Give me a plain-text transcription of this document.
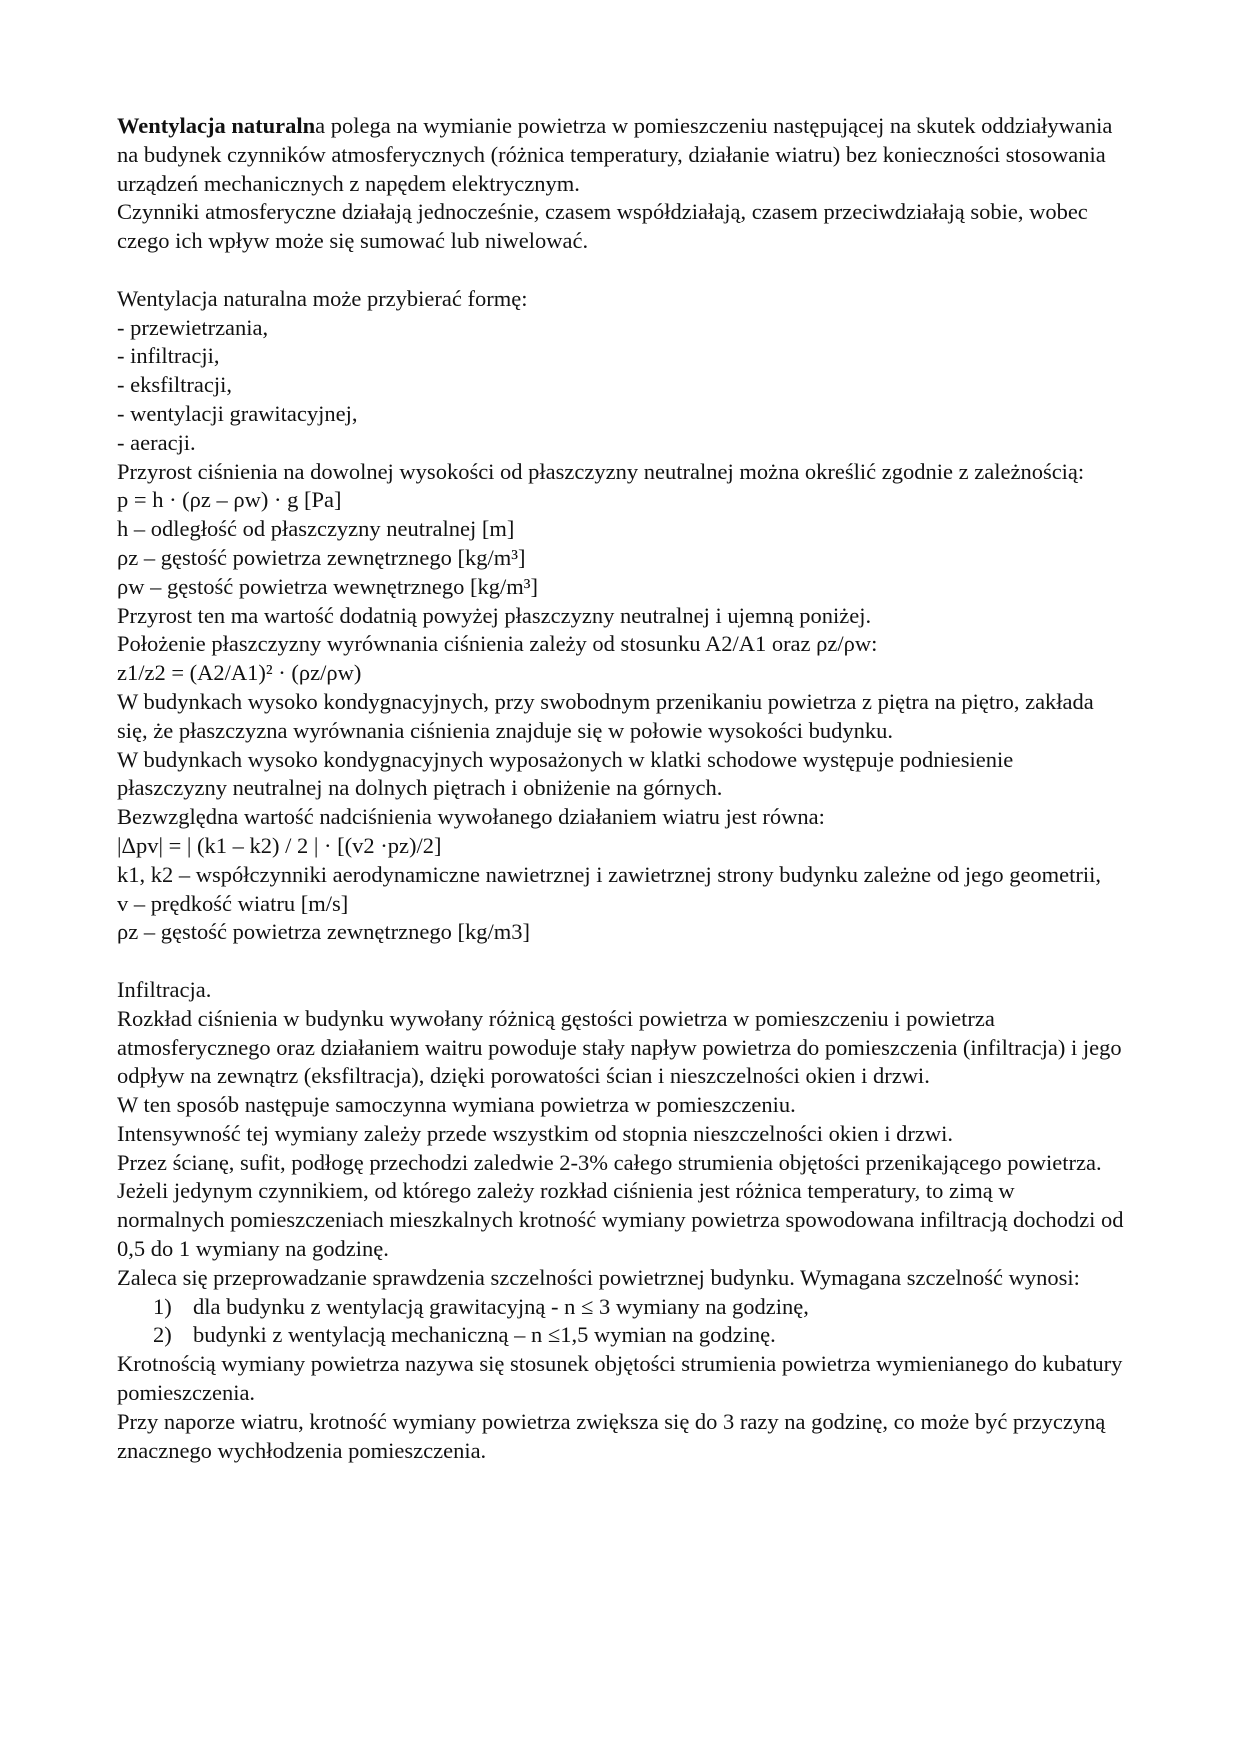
Wentylacja naturalna polega na wymianie powietrza w pomieszczeniu następującej na skutek oddziaływania na budynek czynników atmosferycznych (różnica temperatury, działanie wiatru) bez konieczności stosowania urządzeń mechanicznych z napędem elektrycznym.
Czynniki atmosferyczne działają jednocześnie, czasem współdziałają, czasem przeciwdziałają sobie, wobec czego ich wpływ może się sumować lub niwelować.
Wentylacja naturalna może przybierać formę:
- przewietrzania,
- infiltracji,
- eksfiltracji,
- wentylacji grawitacyjnej,
- aeracji.
Przyrost ciśnienia na dowolnej wysokości od płaszczyzny neutralnej można określić zgodnie z zależnością:
p = h · (ρz – ρw) · g [Pa]
h – odległość od płaszczyzny neutralnej [m]
ρz – gęstość powietrza zewnętrznego [kg/m³]
ρw – gęstość powietrza wewnętrznego [kg/m³]
Przyrost ten ma wartość dodatnią powyżej płaszczyzny neutralnej i ujemną poniżej.
Położenie płaszczyzny wyrównania ciśnienia zależy od stosunku A2/A1 oraz ρz/ρw:
z1/z2 = (A2/A1)² · (ρz/ρw)
W budynkach wysoko kondygnacyjnych, przy swobodnym przenikaniu powietrza z piętra na piętro, zakłada się, że płaszczyzna wyrównania ciśnienia znajduje się w połowie wysokości budynku.
W budynkach wysoko kondygnacyjnych wyposażonych w klatki schodowe występuje podniesienie płaszczyzny neutralnej na dolnych piętrach i obniżenie na górnych.
Bezwzględna wartość nadciśnienia wywołanego działaniem wiatru jest równa:
|Δpv| = | (k1 – k2) / 2 | · [(v2 ·pz)/2]
k1, k2 – współczynniki aerodynamiczne nawietrznej i zawietrznej strony budynku zależne od jego geometrii,
v – prędkość wiatru [m/s]
ρz – gęstość powietrza zewnętrznego [kg/m3]
Infiltracja.
Rozkład ciśnienia w budynku wywołany różnicą gęstości powietrza w pomieszczeniu i powietrza atmosferycznego oraz działaniem waitru powoduje stały napływ powietrza do pomieszczenia (infiltracja) i jego odpływ na zewnątrz (eksfiltracja), dzięki porowatości ścian i nieszczelności okien i drzwi.
W ten sposób następuje samoczynna wymiana powietrza w pomieszczeniu.
Intensywność tej wymiany zależy przede wszystkim od stopnia nieszczelności okien i drzwi.
Przez ścianę, sufit, podłogę przechodzi zaledwie 2-3% całego strumienia objętości przenikającego powietrza.
Jeżeli jedynym czynnikiem, od którego zależy rozkład ciśnienia jest różnica temperatury, to zimą w normalnych pomieszczeniach mieszkalnych krotność wymiany powietrza spowodowana infiltracją dochodzi od 0,5 do 1 wymiany na godzinę.
Zaleca się przeprowadzanie sprawdzenia szczelności powietrznej budynku. Wymagana szczelność wynosi:
1) dla budynku z wentylacją grawitacyjną - n ≤ 3 wymiany na godzinę,
2) budynki z wentylacją mechaniczną – n ≤1,5 wymian na godzinę.
Krotnością wymiany powietrza nazywa się stosunek objętości strumienia powietrza wymienianego do kubatury pomieszczenia.
Przy naporze wiatru, krotność wymiany powietrza zwiększa się do 3 razy na godzinę, co może być przyczyną znacznego wychłodzenia pomieszczenia.
